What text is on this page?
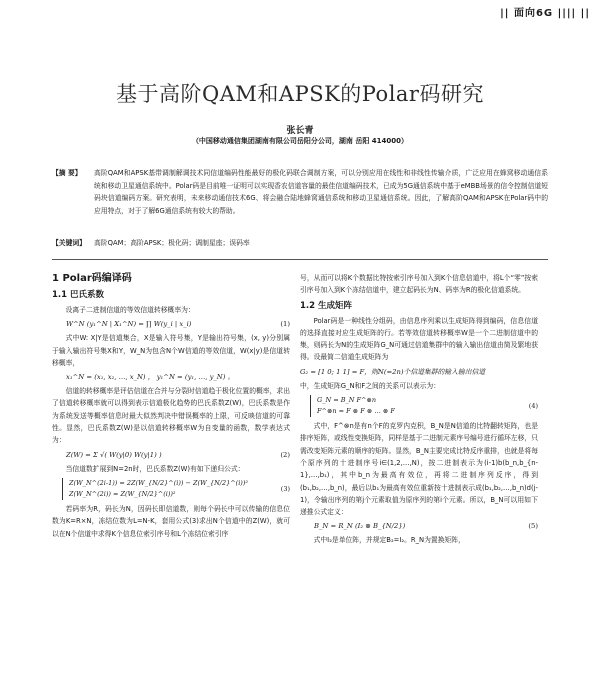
|| 面向6G |||| ||
基于高阶QAM和APSK的Polar码研究
张长青
（中国移动通信集团湖南有限公司岳阳分公司，湖南 岳阳 414000）
【摘 要】 高阶QAM和APSK基带调制解调技术同信道编码性能最好的极化码联合调制方案，可以分别应用在线性和非线性传输介质，广泛应用在蜂窝移动通信系统和移动卫星通信系统中。Polar码是目前唯一证明可以实现香农信道容量的最佳信道编码技术，已成为5G通信系统中基于eMBB场景的信令控制信道短码块信道编码方案。研究表明，未来移动通信技术6G、将会融合陆地蜂窝通信系统和移动卫星通信系统。因此，了解高阶QAM和APSK在Polar码中的应用特点，对于了解6G通信系统有较大的帮助。
【关键词】 高阶QAM；高阶APSK；极化码；调制星座；误码率
1 Polar码编译码
1.1 巴氏系数

设离子二进制信道的等效信道转移概率为：

W^N (y₁^N | X₁^N) = ∏ W(y_i | x_i)	(1)

式中W: X|Y是信道集合，X是输入符号集，Y是输出符号集，(x, y)分别属于输入输出符号集X和Y，W_N为包含N个W信道的等效信道，W(x|y)是信道转移概率，

x₁^N = (x₁, x₂, …, x_N) ， y₁^N = (y₁, …, y_N) 。

信道的转移概率是评估信道在合并与分裂时信道趋于极化位置的概率，求出了信道转移概率就可以得到表示信道极化趋势的巴氏系数Z(W)，巴氏系数是作为系统发送等概率信息时最大似然判决中错误概率的上限，可反映信道的可靠性。显然，巴氏系数Z(W)是以信道转移概率W为自变量的函数，数学表达式为：

Z(W) = Σ √( W(y|0) W(y|1) )	(2)

当信道数扩展到N=2n时，巴氏系数Z(W)有如下递归公式：

Z(W_N^(2i-1)) = 2Z(W_{N/2}^(i)) − Z(W_{N/2}^(i))²
Z(W_N^(2i)) = Z(W_{N/2}^(i))²
(3)

若码率为R，码长为N，因码长即信道数，则每个码长中可以传输的信息位数为K=R×N，冻结位数为L=N-K，套用公式(3)求出N个信道中的Z(W)，就可以在N个信道中求得K个信息位索引序号和L个冻结位索引序

号，从而可以将K个数据比特按索引序号加入到K个信息信道中，将L个“零”按索引序号加入到K个冻结信道中，建立起码长为N、码率为R的极化信道系统。

1.2 生成矩阵

Polar码是一种线性分组码，由信息序列乘以生成矩阵得到编码，信息信道的选择直接对应生成矩阵的行。若等效信道转移概率W是一个二进制信道中的集，则码长为N的生成矩阵G_N可通过信道集群中的输入输出信道由简及繁地获得。设最简二信道生成矩阵为

G₂ = [1 0; 1 1] = F，则N(=2n)个信道集群的输入输出信道

中，生成矩阵G_N和F之间的关系可以表示为：

G_N = B_N F^⊗n
F^⊗n = F ⊗ F ⊗ … ⊗ F
(4)

式中，F^⊗n是有n个F的克罗内克积，B_N是N信道的比特翻转矩阵，也是排序矩阵，或线性变换矩阵，同样是基于二进制元素序号编号进行循环左移，只需改变矩阵元素的顺序的矩阵。显然，B_N主要完成比特反序重排，也就是将每个原序列的十进制序号i∈(1,2,…,N)，按二进制表示为(i-1)b(b_n,b_{n-1},…,b₁)，其中b_n为最高有效位，再将二进制序列反序，得到(b₁,b₂,…,b_n)，最后以b₁为最高有效位重新按十进制表示成(b₁,b₂,…,b_n)d(j-1)，令输出序列的第j个元素取值为原序列的第i个元素。所以，B_N可以用如下递推公式定义：

B_N = R_N (I₂ ⊗ B_{N/2})	(5)

式中I₂是单位阵，并规定B₂=I₂。R_N为置换矩阵，
